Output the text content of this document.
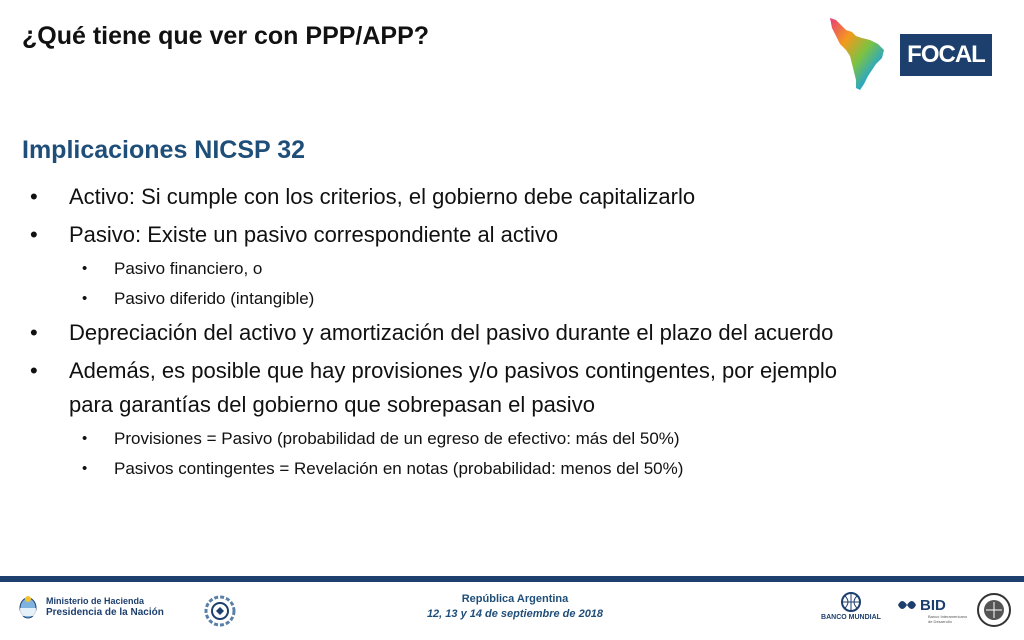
¿Qué tiene que ver con PPP/APP?
FOCAL
Implicaciones NICSP 32
• Activo: Si cumple con los criterios, el gobierno debe capitalizarlo
• Pasivo: Existe un pasivo correspondiente al activo
• Pasivo financiero, o
• Pasivo diferido (intangible)
• Depreciación del activo y amortización del pasivo durante el plazo del acuerdo
• Además, es posible que hay provisiones y/o pasivos contingentes, por ejemplo para garantías del gobierno que sobrepasan el pasivo
• Provisiones = Pasivo (probabilidad de un egreso de efectivo: más del 50%)
• Pasivos contingentes = Revelación en notas (probabilidad: menos del 50%)
Ministerio de Hacienda
Presidencia de la Nación
República Argentina
12, 13 y 14 de septiembre de 2018	BANCO MUNDIAL
BID
Banco Interamericano de Desarrollo
